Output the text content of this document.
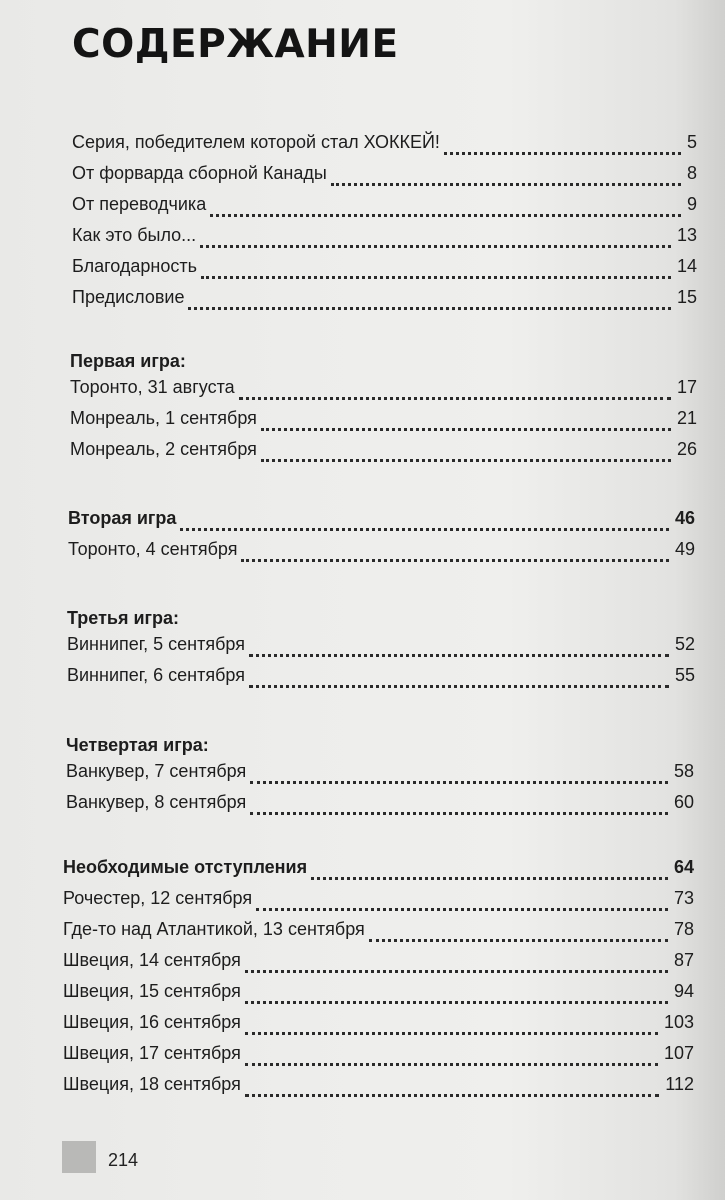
СОДЕРЖАНИЕ
Серия, победителем которой стал ХОККЕЙ!	5
От форварда сборной Канады	8
От переводчика	9
Как это было...	13
Благодарность	14
Предисловие	15
Первая игра:
Торонто, 31 августа	17
Монреаль, 1 сентября	21
Монреаль, 2 сентября	26
Вторая игра	46
Торонто, 4 сентября	49
Третья игра:
Виннипег, 5 сентября	52
Виннипег, 6 сентября	55
Четвертая игра:
Ванкувер, 7 сентября	58
Ванкувер, 8 сентября	60
Необходимые отступления	64
Рочестер, 12 сентября	73
Где-то над Атлантикой, 13 сентября	78
Швеция, 14 сентября	87
Швеция, 15 сентября	94
Швеция, 16 сентября	103
Швеция, 17 сентября	107
Швеция, 18 сентября	112
214
